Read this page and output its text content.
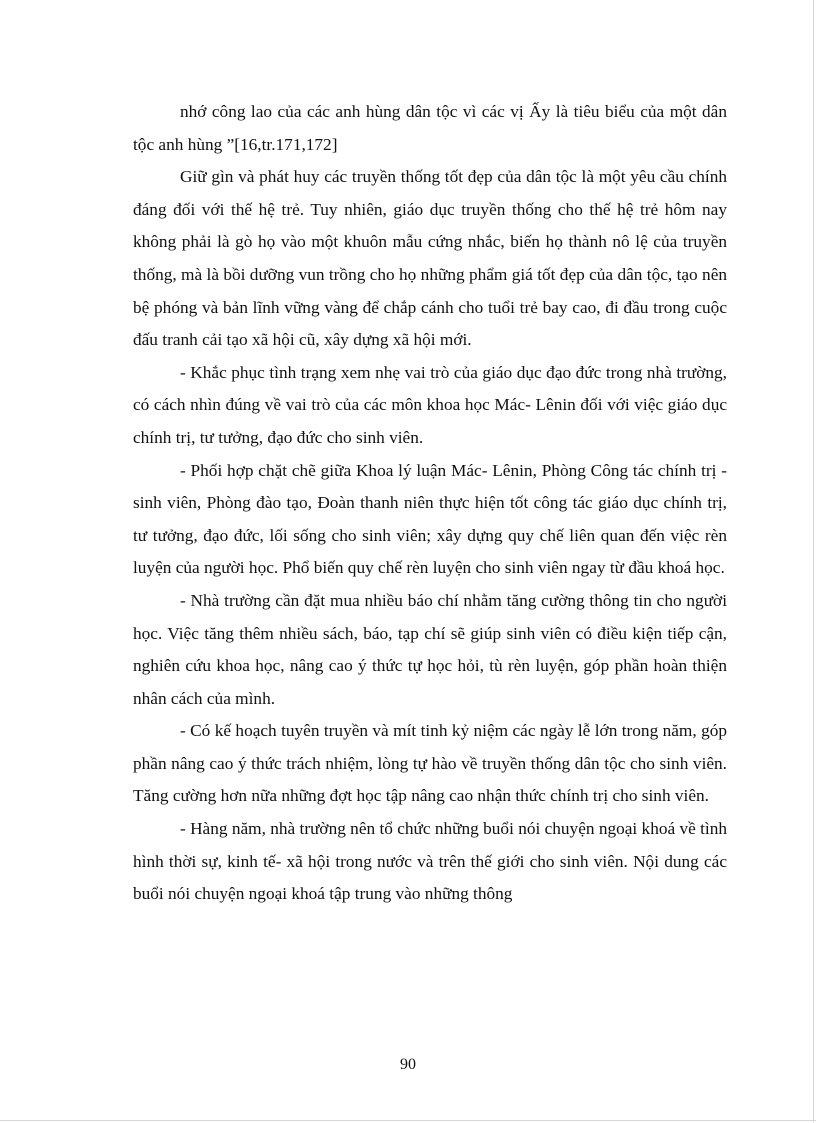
nhớ công lao của các anh hùng dân tộc vì các vị Ấy là tiêu biểu của một dân tộc anh hùng ”[16,tr.171,172]

Giữ gìn và phát huy các truyền thống tốt đẹp của dân tộc là một yêu cầu chính đáng đối với thế hệ trẻ. Tuy nhiên, giáo dục truyền thống cho thế hệ trẻ hôm nay không phải là gò họ vào một khuôn mẫu cứng nhắc, biến họ thành nô lệ của truyền thống, mà là bồi dưỡng vun trồng cho họ những phẩm giá tốt đẹp của dân tộc, tạo nên bệ phóng và bản lĩnh vững vàng để chắp cánh cho tuổi trẻ bay cao, đi đầu trong cuộc đấu tranh cải tạo xã hội cũ, xây dựng xã hội mới.

- Khắc phục tình trạng xem nhẹ vai trò của giáo dục đạo đức trong nhà trường, có cách nhìn đúng về vai trò của các môn khoa học Mác- Lênin đối với việc giáo dục chính trị, tư tưởng, đạo đức cho sinh viên.

- Phối hợp chặt chẽ giữa Khoa lý luận Mác- Lênin, Phòng Công tác chính trị - sinh viên, Phòng đào tạo, Đoàn thanh niên thực hiện tốt công tác giáo dục chính trị, tư tưởng, đạo đức, lối sống cho sinh viên; xây dựng quy chế liên quan đến việc rèn luyện của người học. Phổ biến quy chế rèn luyện cho sinh viên ngay từ đầu khoá học.

- Nhà trường cần đặt mua nhiều báo chí nhằm tăng cường thông tin cho người học. Việc tăng thêm nhiều sách, báo, tạp chí sẽ giúp sinh viên có điều kiện tiếp cận, nghiên cứu khoa học, nâng cao ý thức tự học hỏi, tù rèn luyện, góp phần hoàn thiện nhân cách của mình.

- Có kế hoạch tuyên truyền và mít tinh kỷ niệm các ngày lễ lớn trong năm, góp phần nâng cao ý thức trách nhiệm, lòng tự hào về truyền thống dân tộc cho sinh viên. Tăng cường hơn nữa những đợt học tập nâng cao nhận thức chính trị cho sinh viên.

- Hàng năm, nhà trường nên tổ chức những buổi nói chuyện ngoại khoá về tình hình thời sự, kinh tế- xã hội trong nước và trên thế giới cho sinh viên. Nội dung các buổi nói chuyện ngoại khoá tập trung vào những thông

90
